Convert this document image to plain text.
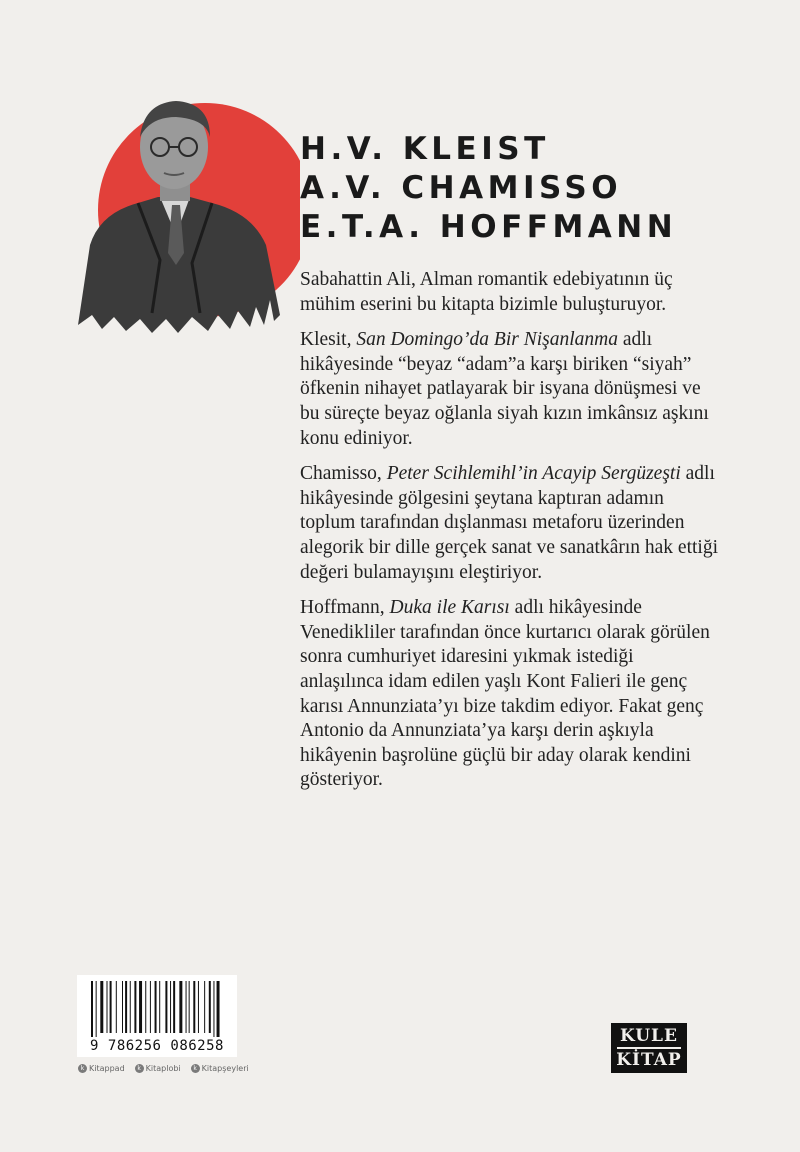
H.V. KLEIST
A.V. CHAMISSO
E.T.A. HOFFMANN

Sabahattin Ali, Alman romantik edebiyatının üç mühim eserini bu kitapta bizimle buluşturuyor.

Klesit, San Domingo’da Bir Nişanlanma adlı hikâyesinde “beyaz “adam”a karşı biriken “siyah” öfkenin nihayet patlayarak bir isyana dönüşmesi ve bu süreçte beyaz oğlanla siyah kızın imkânsız aşkını konu ediniyor.

Chamisso, Peter Scihlemihl’in Acayip Sergüzeşti adlı hikâyesinde gölgesini şeytana kaptıran adamın toplum tarafından dışlanması metaforu üzerinden alegorik bir dille gerçek sanat ve sanatkârın hak ettiği değeri bulamayışını eleştiriyor.

Hoffmann, Duka ile Karısı adlı hikâyesinde Venedikliler tarafından önce kurtarıcı olarak görülen sonra cumhuriyet idaresini yıkmak istediği anlaşılınca idam edilen yaşlı Kont Falieri ile genç karısı Annunziata’yı bize takdim ediyor. Fakat genç Antonio da Annunziata’ya karşı derin aşkıyla hikâyenin başrolüne güçlü bir aday olarak kendini gösteriyor.

9 786256 086258
k Kitappad	k Kitaplobi	k Kitapşeyleri
KULE
KİTAP
